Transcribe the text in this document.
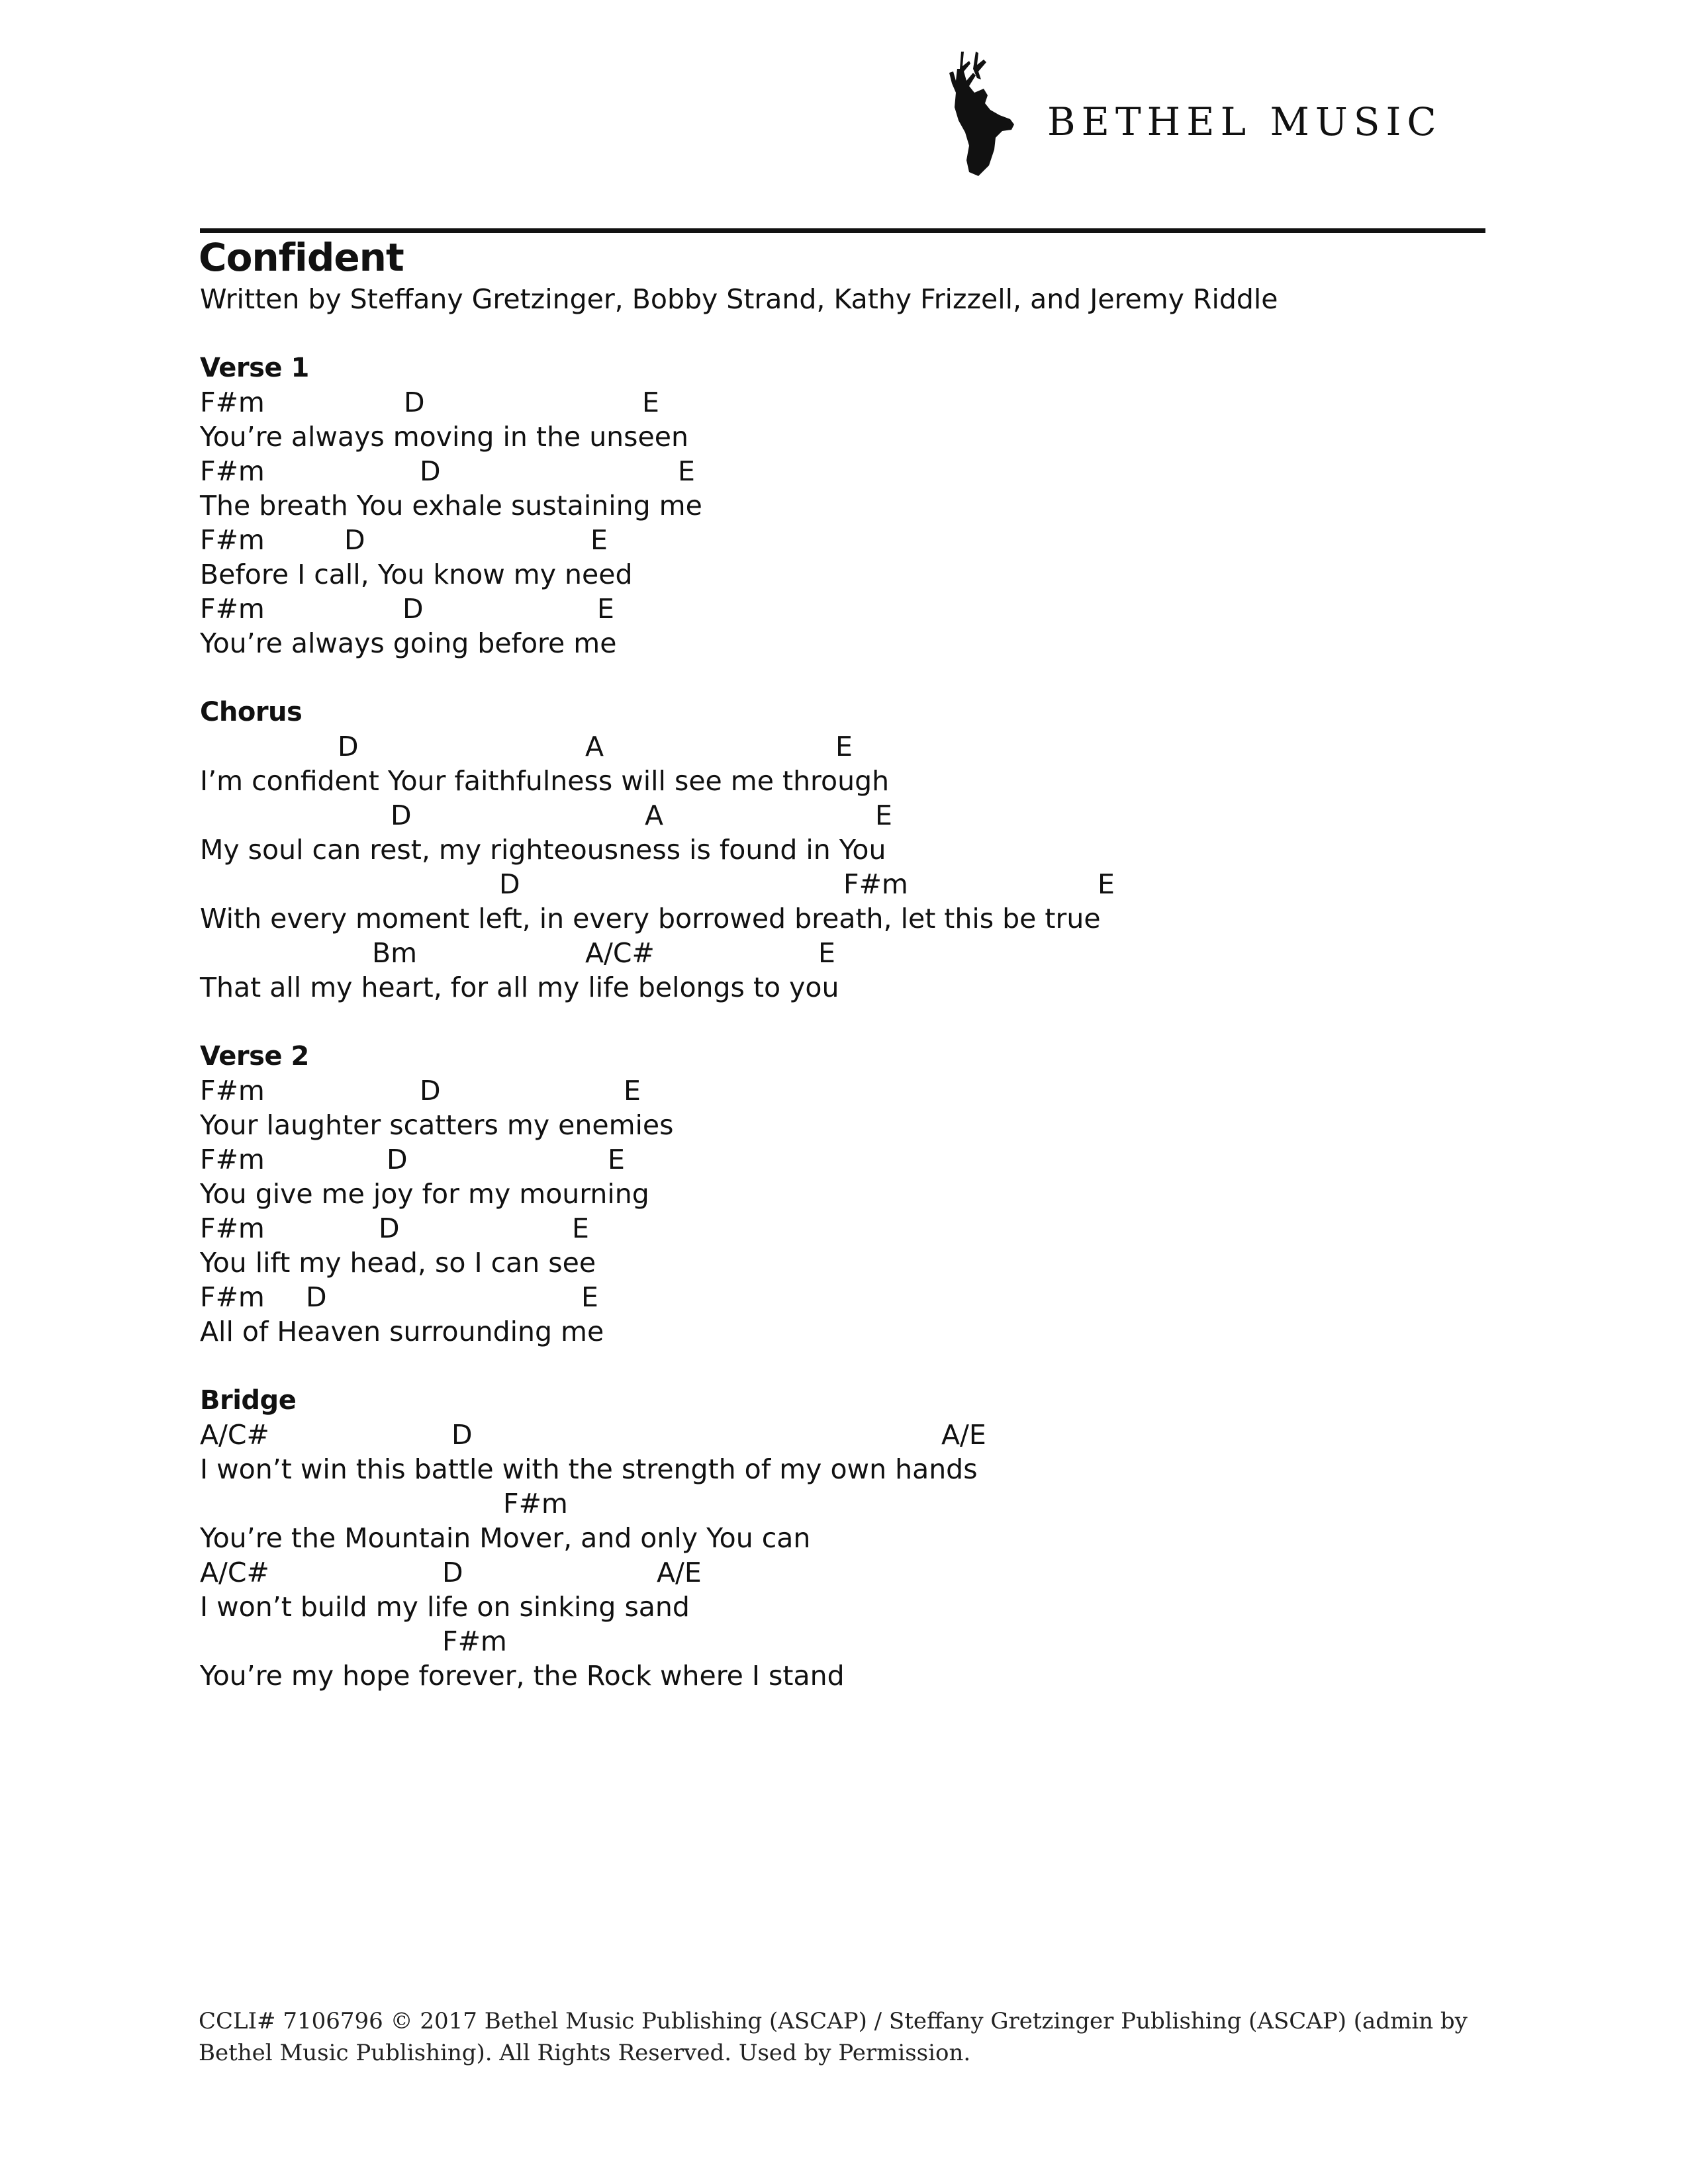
BETHEL MUSIC
Confident
Written by Steffany Gretzinger, Bobby Strand, Kathy Frizzell, and Jeremy Riddle
Verse 1
F#m	D	E
You’re always moving in the unseen
F#m	D	E
The breath You exhale sustaining me
F#m	D	E
Before I call, You know my need
F#m	D	E
You’re always going before me
Chorus
D	A	E
I’m confident Your faithfulness will see me through
D	A	E
My soul can rest, my righteousness is found in You
D	F#m	E
With every moment left, in every borrowed breath, let this be true
Bm	A/C#	E
That all my heart, for all my life belongs to you
Verse 2
F#m	D	E
Your laughter scatters my enemies
F#m	D	E
You give me joy for my mourning
F#m	D	E
You lift my head, so I can see
F#m D	E
All of Heaven surrounding me
Bridge
A/C#	D	A/E
I won’t win this battle with the strength of my own hands
F#m
You’re the Mountain Mover, and only You can
A/C#	D	A/E
I won’t build my life on sinking sand
F#m
You’re my hope forever, the Rock where I stand
CCLI# 7106796 © 2017 Bethel Music Publishing (ASCAP) / Steffany Gretzinger Publishing (ASCAP) (admin by Bethel Music Publishing). All Rights Reserved. Used by Permission.
